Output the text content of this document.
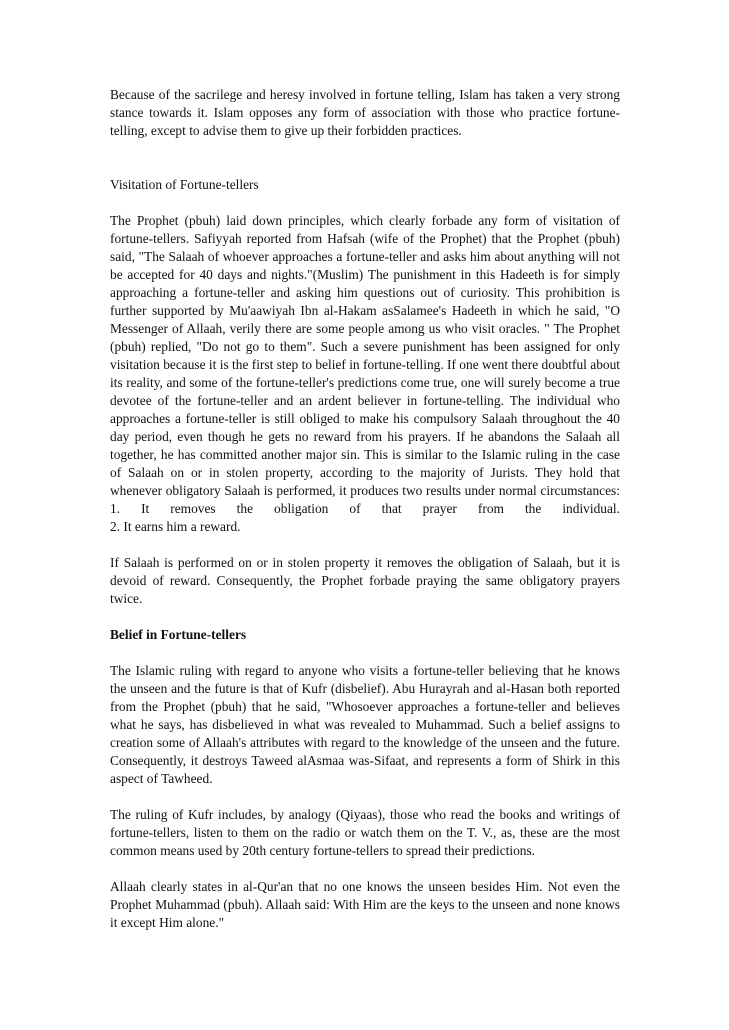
Because of the sacrilege and heresy involved in fortune telling, Islam has taken a very strong stance towards it. Islam opposes any form of association with those who practice fortune-telling, except to advise them to give up their forbidden practices.

Visitation of Fortune-tellers

The Prophet (pbuh) laid down principles, which clearly forbade any form of visitation of fortune-tellers. Safiyyah reported from Hafsah (wife of the Prophet) that the Prophet (pbuh) said, "The Salaah of whoever approaches a fortune-teller and asks him about anything will not be accepted for 40 days and nights."(Muslim) The punishment in this Hadeeth is for simply approaching a fortune-teller and asking him questions out of curiosity. This prohibition is further supported by Mu'aawiyah Ibn al-Hakam asSalamee's Hadeeth in which he said, "O Messenger of Allaah, verily there are some people among us who visit oracles. " The Prophet (pbuh) replied, "Do not go to them". Such a severe punishment has been assigned for only visitation because it is the first step to belief in fortune-telling. If one went there doubtful about its reality, and some of the fortune-teller's predictions come true, one will surely become a true devotee of the fortune-teller and an ardent believer in fortune-telling. The individual who approaches a fortune-teller is still obliged to make his compulsory Salaah throughout the 40 day period, even though he gets no reward from his prayers. If he abandons the Salaah all together, he has committed another major sin. This is similar to the Islamic ruling in the case of Salaah on or in stolen property, according to the majority of Jurists. They hold that whenever obligatory Salaah is performed, it produces two results under normal circumstances:
1. It removes the obligation of that prayer from the individual.
2. It earns him a reward.

If Salaah is performed on or in stolen property it removes the obligation of Salaah, but it is devoid of reward. Consequently, the Prophet forbade praying the same obligatory prayers twice.

Belief in Fortune-tellers

The Islamic ruling with regard to anyone who visits a fortune-teller believing that he knows the unseen and the future is that of Kufr (disbelief). Abu Hurayrah and al-Hasan both reported from the Prophet (pbuh) that he said, "Whosoever approaches a fortune-teller and believes what he says, has disbelieved in what was revealed to Muhammad. Such a belief assigns to creation some of Allaah's attributes with regard to the knowledge of the unseen and the future. Consequently, it destroys Taweed alAsmaa was-Sifaat, and represents a form of Shirk in this aspect of Tawheed.

The ruling of Kufr includes, by analogy (Qiyaas), those who read the books and writings of fortune-tellers, listen to them on the radio or watch them on the T. V., as, these are the most common means used by 20th century fortune-tellers to spread their predictions.

Allaah clearly states in al-Qur'an that no one knows the unseen besides Him. Not even the Prophet Muhammad (pbuh). Allaah said: With Him are the keys to the unseen and none knows it except Him alone."
